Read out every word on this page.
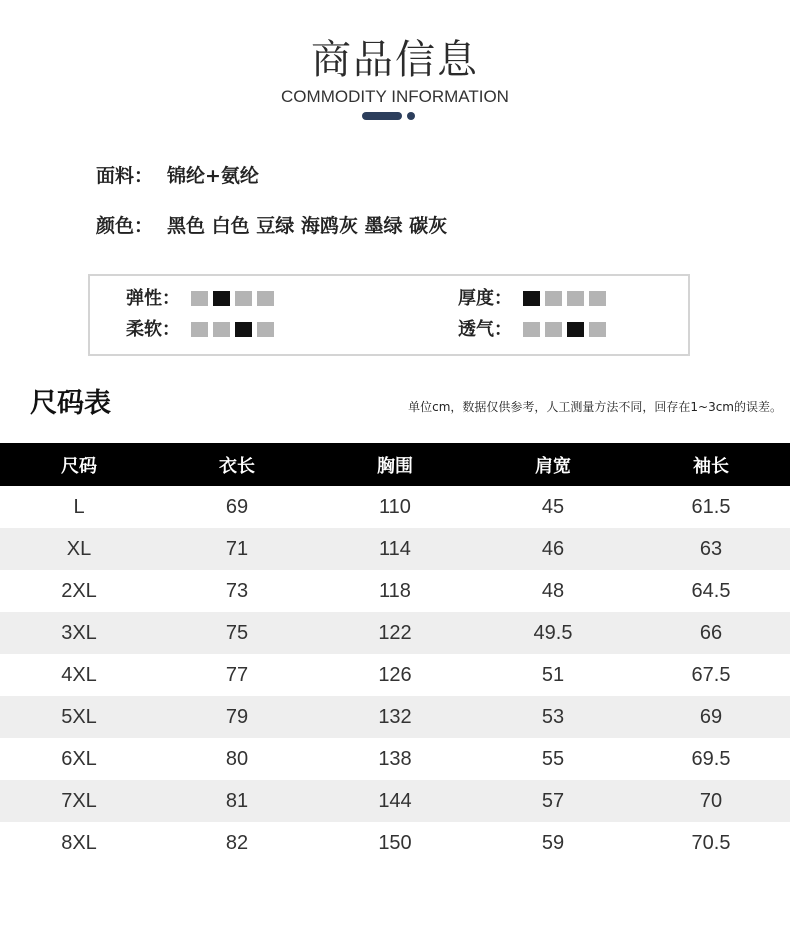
商品信息
COMMODITY INFORMATION
面料： 锦纶+氨纶
颜色： 黑色 白色 豆绿 海鸥灰 墨绿 碳灰
弹性：	厚度：
柔软：	透气：
尺码表	单位cm，数据仅供参考，人工测量方法不同，回存在1~3cm的误差。
尺码	衣长	胸围	肩宽	袖长
L	69	110	45	61.5
XL	71	114	46	63
2XL	73	118	48	64.5
3XL	75	122	49.5	66
4XL	77	126	51	67.5
5XL	79	132	53	69
6XL	80	138	55	69.5
7XL	81	144	57	70
8XL	82	150	59	70.5
